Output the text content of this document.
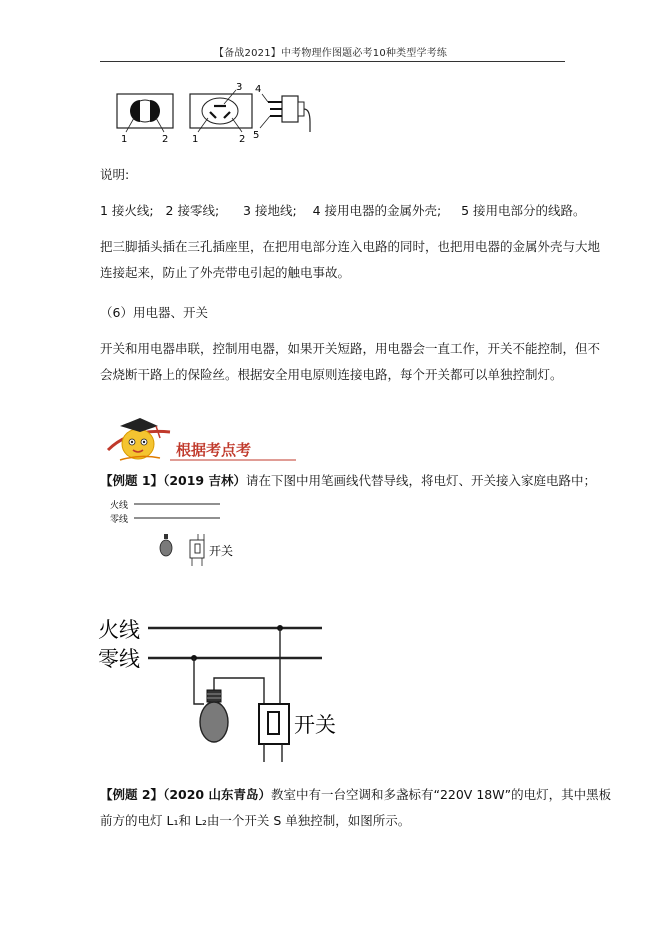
【备战2021】中考物理作图题必考10种类型学考练
1	2
3
1	2
4
5
说明:
1 接火线;   2 接零线;      3 接地线;    4 接用电器的金属外壳;     5 接用电部分的线路。
把三脚插头插在三孔插座里，在把用电部分连入电路的同时，也把用电器的金属外壳与大地
连接起来，防止了外壳带电引起的触电事故。
（6）用电器、开关
开关和用电器串联，控制用电器，如果开关短路，用电器会一直工作，开关不能控制，但不
会烧断干路上的保险丝。根据安全用电原则连接电路，每个开关都可以单独控制灯。
根据考点考
【例题 1】（2019 吉林）请在下图中用笔画线代替导线，将电灯、开关接入家庭电路中；
火线
零线
开关
火线
零线
开关
【例题 2】（2020 山东青岛）教室中有一台空调和多盏标有“220V 18W”的电灯，其中黑板
前方的电灯 L₁和 L₂由一个开关 S 单独控制，如图所示。
